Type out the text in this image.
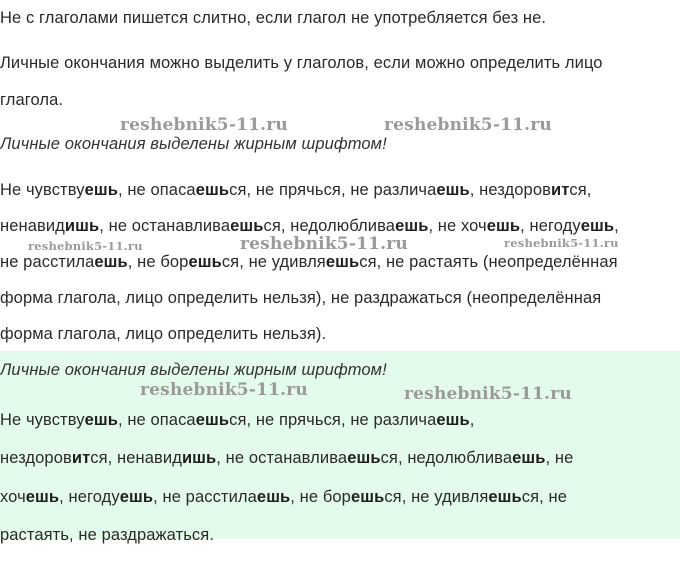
Не с глаголами пишется слитно, если глагол не употребляется без не.
Личные окончания можно выделить у глаголов, если можно определить лицо
глагола.
Личные окончания выделены жирным шрифтом!
Не чувствуешь, не опасаешься, не прячься, не различаешь, нездоровится,
ненавидишь, не останавливаешься, недолюбливаешь, не хочешь, негодуешь,
не расстилаешь, не борешься, не удивляешься, не растаять (неопределённая
форма глагола, лицо определить нельзя), не раздражаться (неопределённая
форма глагола, лицо определить нельзя).
Личные окончания выделены жирным шрифтом!
Не чувствуешь, не опасаешься, не прячься, не различаешь,
нездоровится, ненавидишь, не останавливаешься, недолюбливаешь, не
хочешь, негодуешь, не расстилаешь, не борешься, не удивляешься, не
растаять, не раздражаться.
reshebnik5-11.ru	reshebnik5-11.ru
reshebnik5-11.ru	reshebnik5-11.ru	reshebnik5-11.ru
reshebnik5-11.ru	reshebnik5-11.ru
